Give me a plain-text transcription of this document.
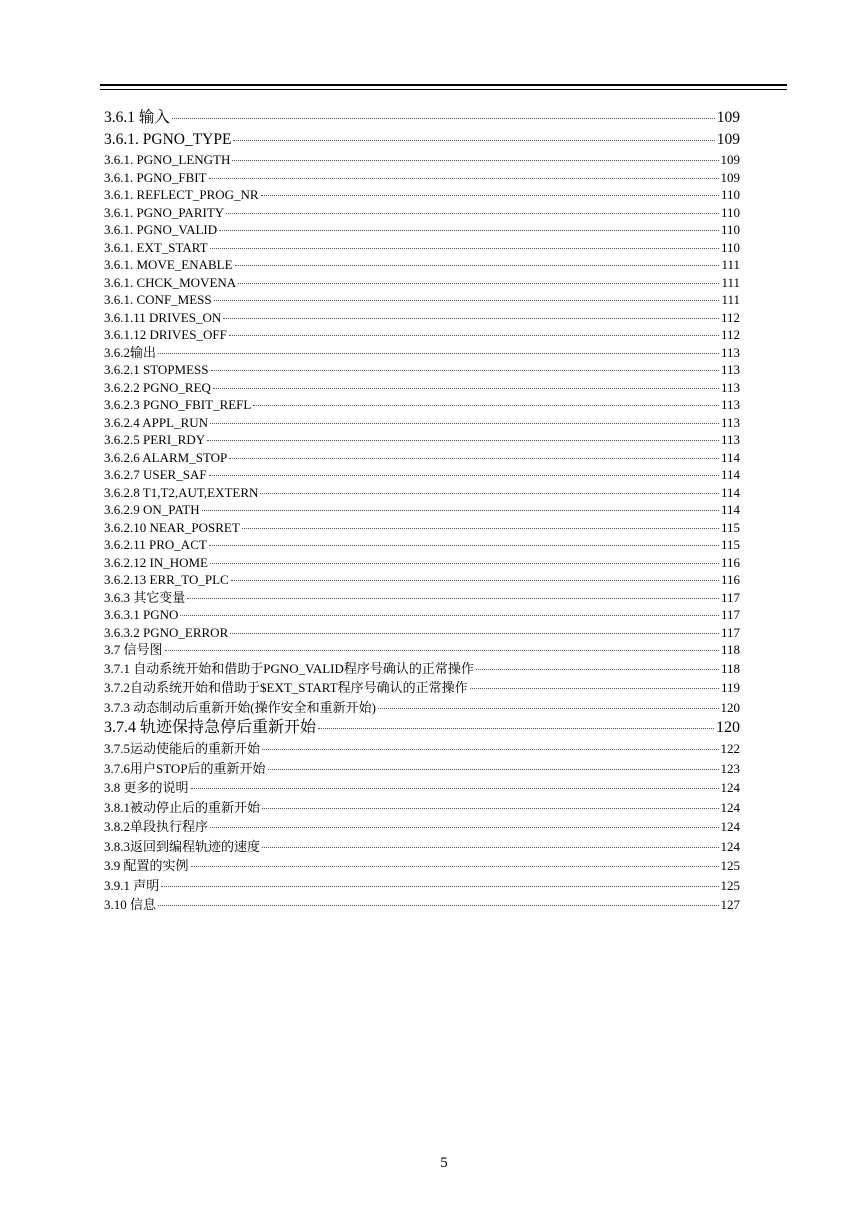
3.6.1 输入	109
3.6.1. PGNO_TYPE	109
3.6.1. PGNO_LENGTH	109
3.6.1. PGNO_FBIT	109
3.6.1. REFLECT_PROG_NR	110
3.6.1. PGNO_PARITY	110
3.6.1. PGNO_VALID	110
3.6.1. EXT_START	110
3.6.1. MOVE_ENABLE	111
3.6.1. CHCK_MOVENA	111
3.6.1. CONF_MESS	111
3.6.1.11 DRIVES_ON	112
3.6.1.12 DRIVES_OFF	112
3.6.2输出	113
3.6.2.1 STOPMESS	113
3.6.2.2 PGNO_REQ	113
3.6.2.3 PGNO_FBIT_REFL	113
3.6.2.4 APPL_RUN	113
3.6.2.5 PERI_RDY	113
3.6.2.6 ALARM_STOP	114
3.6.2.7 USER_SAF	114
3.6.2.8 T1,T2,AUT,EXTERN	114
3.6.2.9 ON_PATH	114
3.6.2.10 NEAR_POSRET	115
3.6.2.11 PRO_ACT	115
3.6.2.12 IN_HOME	116
3.6.2.13 ERR_TO_PLC	116
3.6.3 其它变量	117
3.6.3.1 PGNO	117
3.6.3.2 PGNO_ERROR	117
3.7 信号图	118
3.7.1 自动系统开始和借助于PGNO_VALID程序号确认的正常操作	118
3.7.2自动系统开始和借助于$EXT_START程序号确认的正常操作	119
3.7.3 动态制动后重新开始(操作安全和重新开始)	120
3.7.4 轨迹保持急停后重新开始	120
3.7.5运动使能后的重新开始	122
3.7.6用户STOP后的重新开始	123
3.8 更多的说明	124
3.8.1被动停止后的重新开始	124
3.8.2单段执行程序	124
3.8.3返回到编程轨迹的速度	124
3.9 配置的实例	125
3.9.1 声明	125
3.10 信息	127
5
